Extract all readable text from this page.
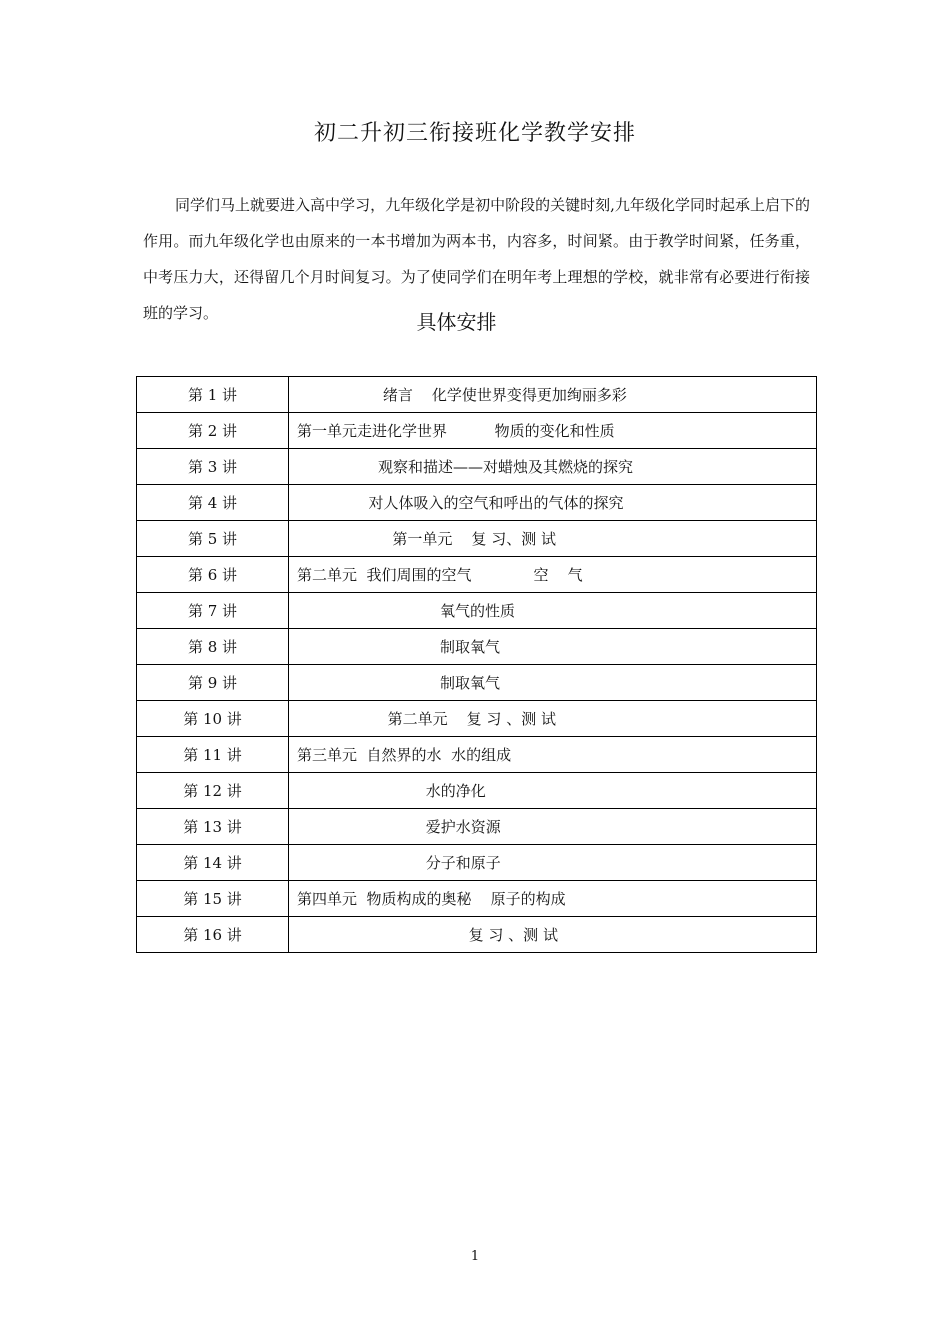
初二升初三衔接班化学教学安排

同学们马上就要进入高中学习，九年级化学是初中阶段的关键时刻,九年级化学同时起承上启下的作用。而九年级化学也由原来的一本书增加为两本书，内容多，时间紧。由于教学时间紧，任务重，中考压力大，还得留几个月时间复习。为了使同学们在明年考上理想的学校，就非常有必要进行衔接班的学习。	具体安排
第 1 讲	绪言    化学使世界变得更加绚丽多彩
第 2 讲	第一单元走进化学世界          物质的变化和性质
第 3 讲	观察和描述——对蜡烛及其燃烧的探究
第 4 讲	对人体吸入的空气和呼出的气体的探究
第 5 讲	第一单元    复 习、测 试
第 6 讲	第二单元  我们周围的空气             空    气
第 7 讲	氧气的性质
第 8 讲	制取氧气
第 9 讲	制取氧气
第 10 讲	第二单元    复 习 、测 试
第 11 讲	第三单元  自然界的水  水的组成
第 12 讲	水的净化
第 13 讲	爱护水资源
第 14 讲	分子和原子
第 15 讲	第四单元  物质构成的奥秘    原子的构成
第 16 讲	复 习 、测 试
1
